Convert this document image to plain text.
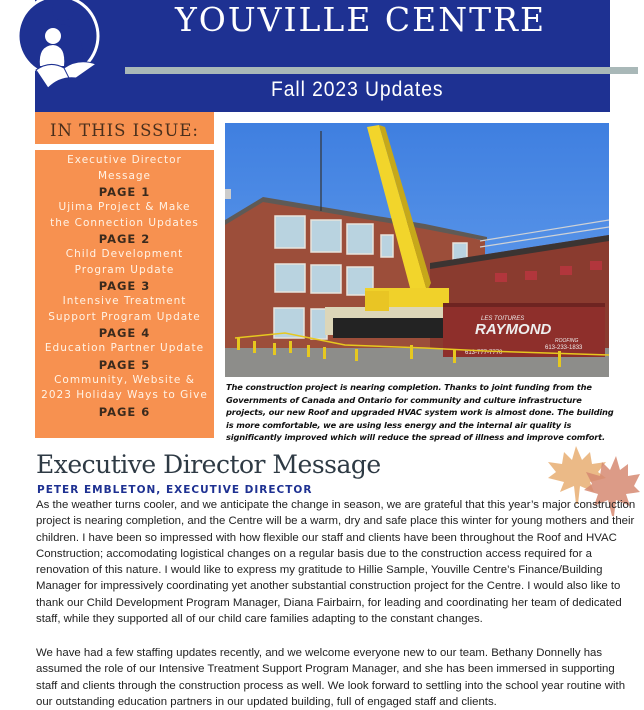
YOUVILLE CENTRE
Fall 2023 Updates
IN THIS ISSUE:
Executive Director
Message
PAGE 1
Ujima Project & Make
the Connection Updates
PAGE 2
Child Development
Program Update
PAGE 3
Intensive Treatment
Support Program Update
PAGE 4
Education Partner Update
PAGE 5
Community, Website &
2023 Holiday Ways to Give
PAGE 6
LES TOITURES
RAYMOND
ROOFING
613-777-7770
613-233-1833
The construction project is nearing completion. Thanks to joint funding from the Governments of Canada and Ontario for community and culture infrastructure projects, our new Roof and upgraded HVAC system work is almost done. The building is more comfortable, we are using less energy and the internal air quality is significantly improved which will reduce the spread of illness and improve comfort.
Executive Director Message
PETER EMBLETON, EXECUTIVE DIRECTOR
As the weather turns cooler, and we anticipate the change in season, we are grateful that this year’s major construction project is nearing completion, and the Centre will be a warm, dry and safe place this winter for young mothers and their children. I have been so impressed with how flexible our staff and clients have been throughout the Roof and HVAC Construction; accomodating logistical changes on a regular basis due to the construction access required for a renovation of this nature. I would like to express my gratitude to Hillie Sample, Youville Centre’s Finance/Building Manager for impressively coordinating yet another substantial construction project for the Centre. I would also like to thank our Child Development Program Manager, Diana Fairbairn, for leading and coordinating her team of dedicated staff, while they supported all of our child care families adapting to the constant changes.
We have had a few staffing updates recently, and we welcome everyone new to our team. Bethany Donnelly has assumed the role of our Intensive Treatment Support Program Manager, and she has been immersed in supporting staff and clients through the construction process as well. We look forward to settling into the school year routine with our outstanding education partners in our updated building, full of engaged staff and clients.
